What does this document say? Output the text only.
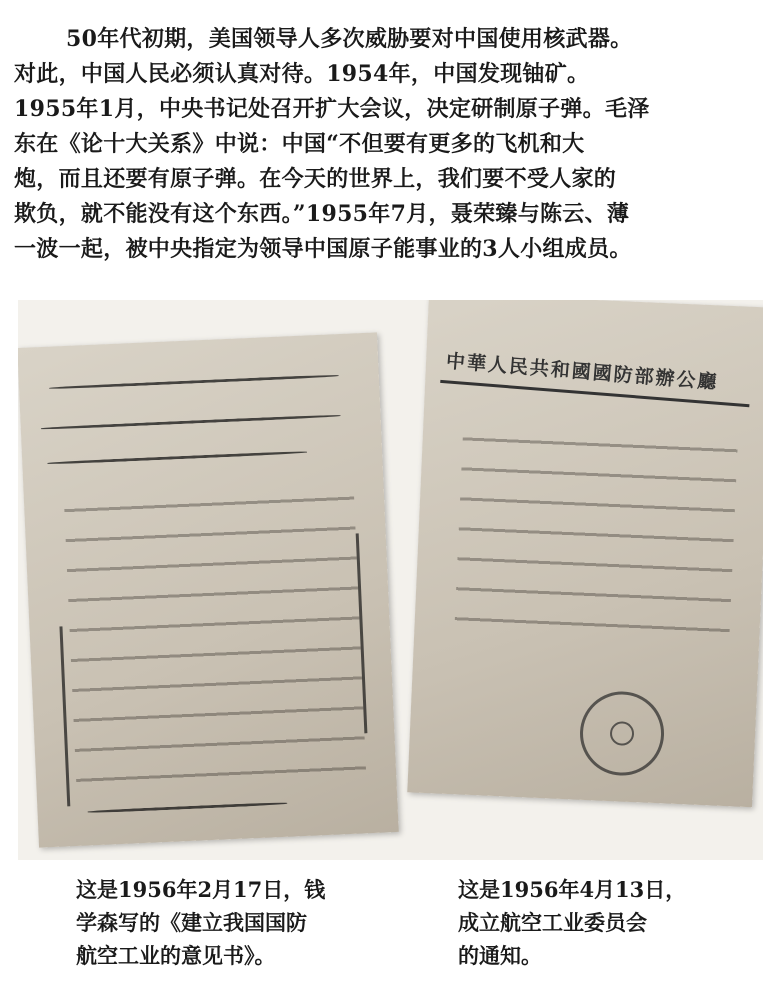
50年代初期，美国领导人多次威胁要对中国使用核武器。
对此，中国人民必须认真对待。1954年，中国发现铀矿。
1955年1月，中央书记处召开扩大会议，决定研制原子弹。毛泽
东在《论十大关系》中说：中国“不但要有更多的飞机和大
炮，而且还要有原子弹。在今天的世界上，我们要不受人家的
欺负，就不能没有这个东西。”1955年7月，聂荣臻与陈云、薄
一波一起，被中央指定为领导中国原子能事业的3人小组成员。
中華人民共和國國防部辦公廳
这是1956年2月17日，钱
学森写的《建立我国国防
航空工业的意见书》。
这是1956年4月13日，
成立航空工业委员会
的通知。
